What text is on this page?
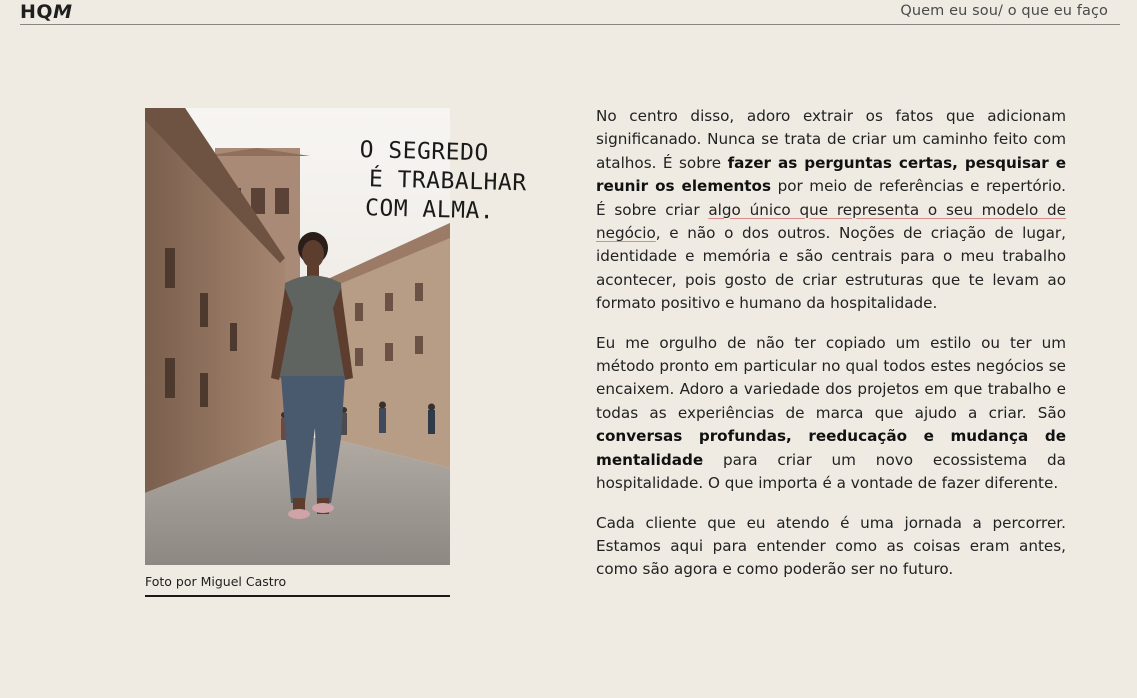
HQM	Quem eu sou/ o que eu faço
O SEGREDO
É TRABALHAR
COM ALMA.
Foto por Miguel Castro

No centro disso, adoro extrair os fatos que adicionam significanado. Nunca se trata de criar um caminho feito com atalhos. É sobre fazer as perguntas certas, pesquisar e reunir os elementos por meio de referências e repertório. É sobre criar algo único que representa o seu modelo de negócio, e não o dos outros. Noções de criação de lugar, identidade e memória e são centrais para o meu trabalho acontecer, pois gosto de criar estruturas que te levam ao formato positivo e humano da hospitalidade.

Eu me orgulho de não ter copiado um estilo ou ter um método pronto em particular no qual todos estes negócios se encaixem. Adoro a variedade dos projetos em que trabalho e todas as experiências de marca que ajudo a criar. São conversas profundas, reeducação e mudança de mentalidade para criar um novo ecossistema da hospitalidade. O que importa é a vontade de fazer diferente.

Cada cliente que eu atendo é uma jornada a percorrer. Estamos aqui para entender como as coisas eram antes, como são agora e como poderão ser no futuro.
